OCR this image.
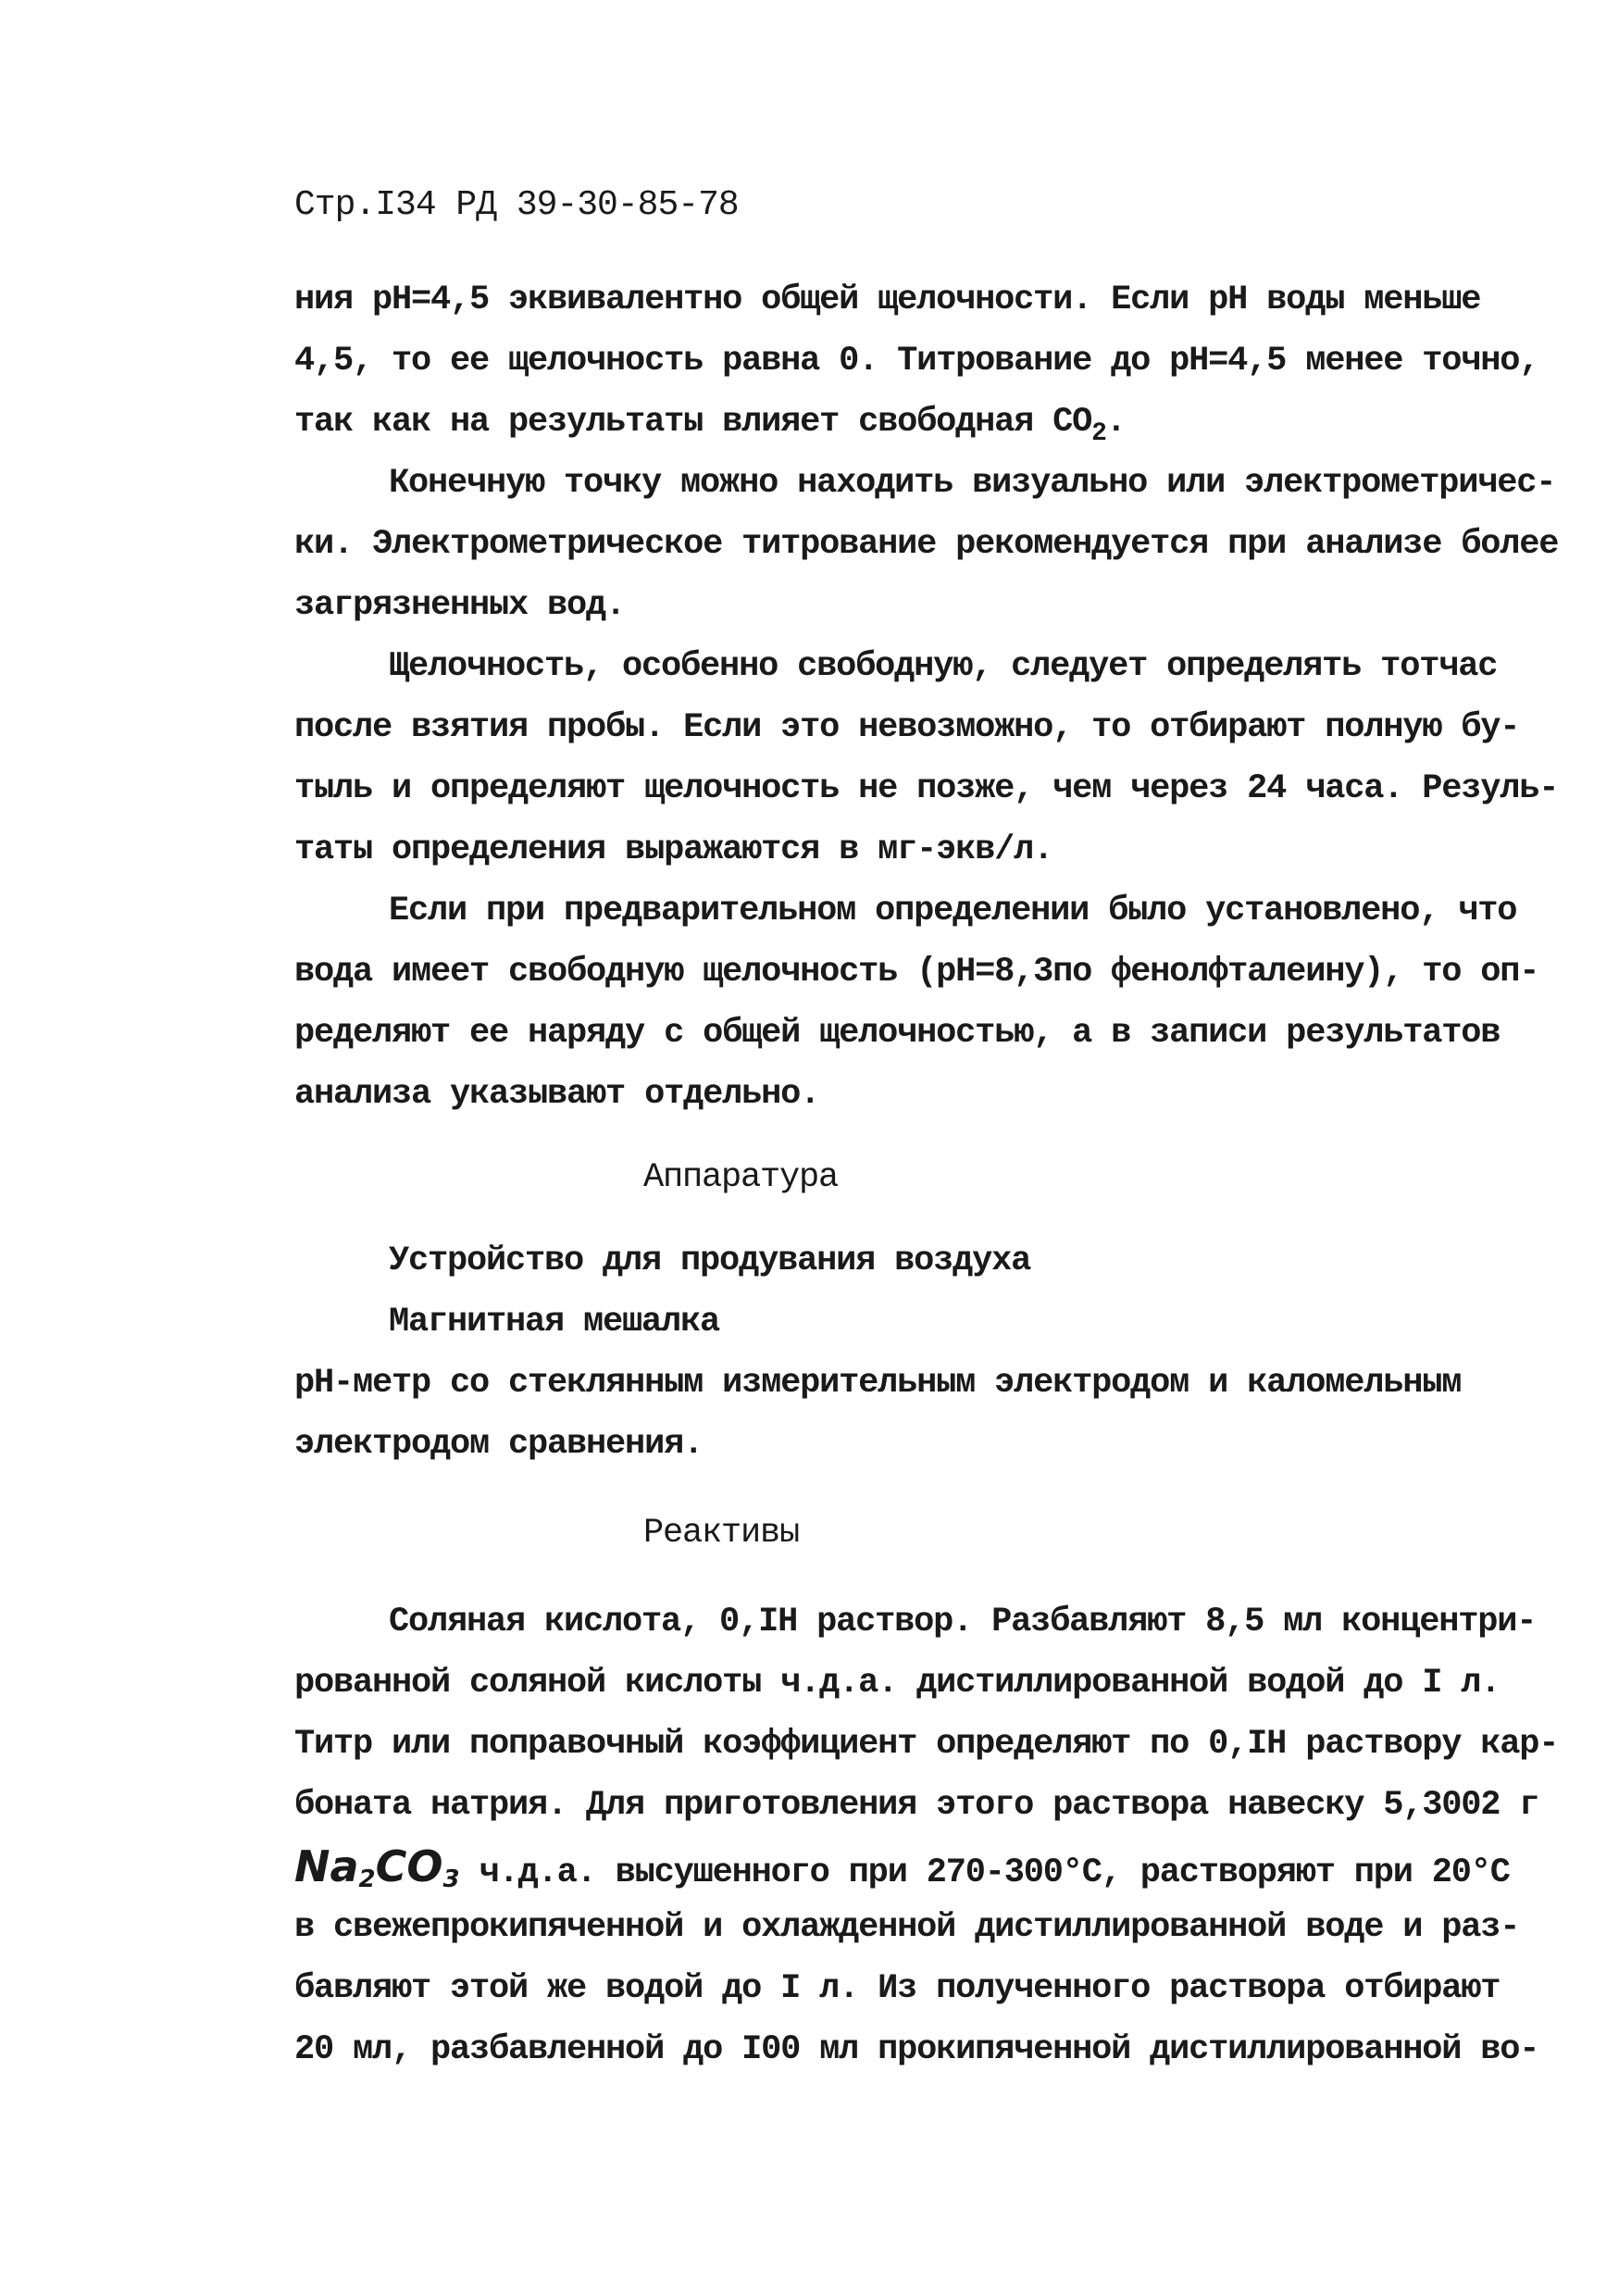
Стр.I34 РД 39-30-85-78
ния pH=4,5 эквивалентно общей щелочности. Если pH воды меньше
4,5, то ее щелочность равна 0. Титрование до pH=4,5 менее точно,
так как на результаты влияет свободная $CO_2$.
Конечную точку можно находить визуально или электрометричес-
ки. Электрометрическое титрование рекомендуется при анализе более
загрязненных вод.
Щелочность, особенно свободную, следует определять тотчас
после взятия пробы. Если это невозможно, то отбирают полную бу-
тыль и определяют щелочность не позже, чем через 24 часа. Резуль-
таты определения выражаются в мг-экв/л.
Если при предварительном определении было установлено, что
вода имеет свободную щелочность (pH=8,3по фенолфталеину), то оп-
ределяют ее наряду с общей щелочностью, а в записи результатов
анализа указывают отдельно.
Аппаратура
Устройство для продувания воздуха
Магнитная мешалка
pH-метр со стеклянным измерительным электродом и каломельным
электродом сравнения.
Реактивы
Соляная кислота, 0,IH раствор. Разбавляют 8,5 мл концентри-
рованной соляной кислоты ч.д.а. дистиллированной водой до I л.
Титр или поправочный коэффициент определяют по 0,IH раствору кар-
боната натрия. Для приготовления этого раствора навеску 5,3002 г
Na2CO3 ч.д.а. высушенного при 270-300°С, растворяют при 20°С
в свежепрокипяченной и охлажденной дистиллированной воде и раз-
бавляют этой же водой до I л. Из полученного раствора отбирают
20 мл, разбавленной до I00 мл прокипяченной дистиллированной во-
